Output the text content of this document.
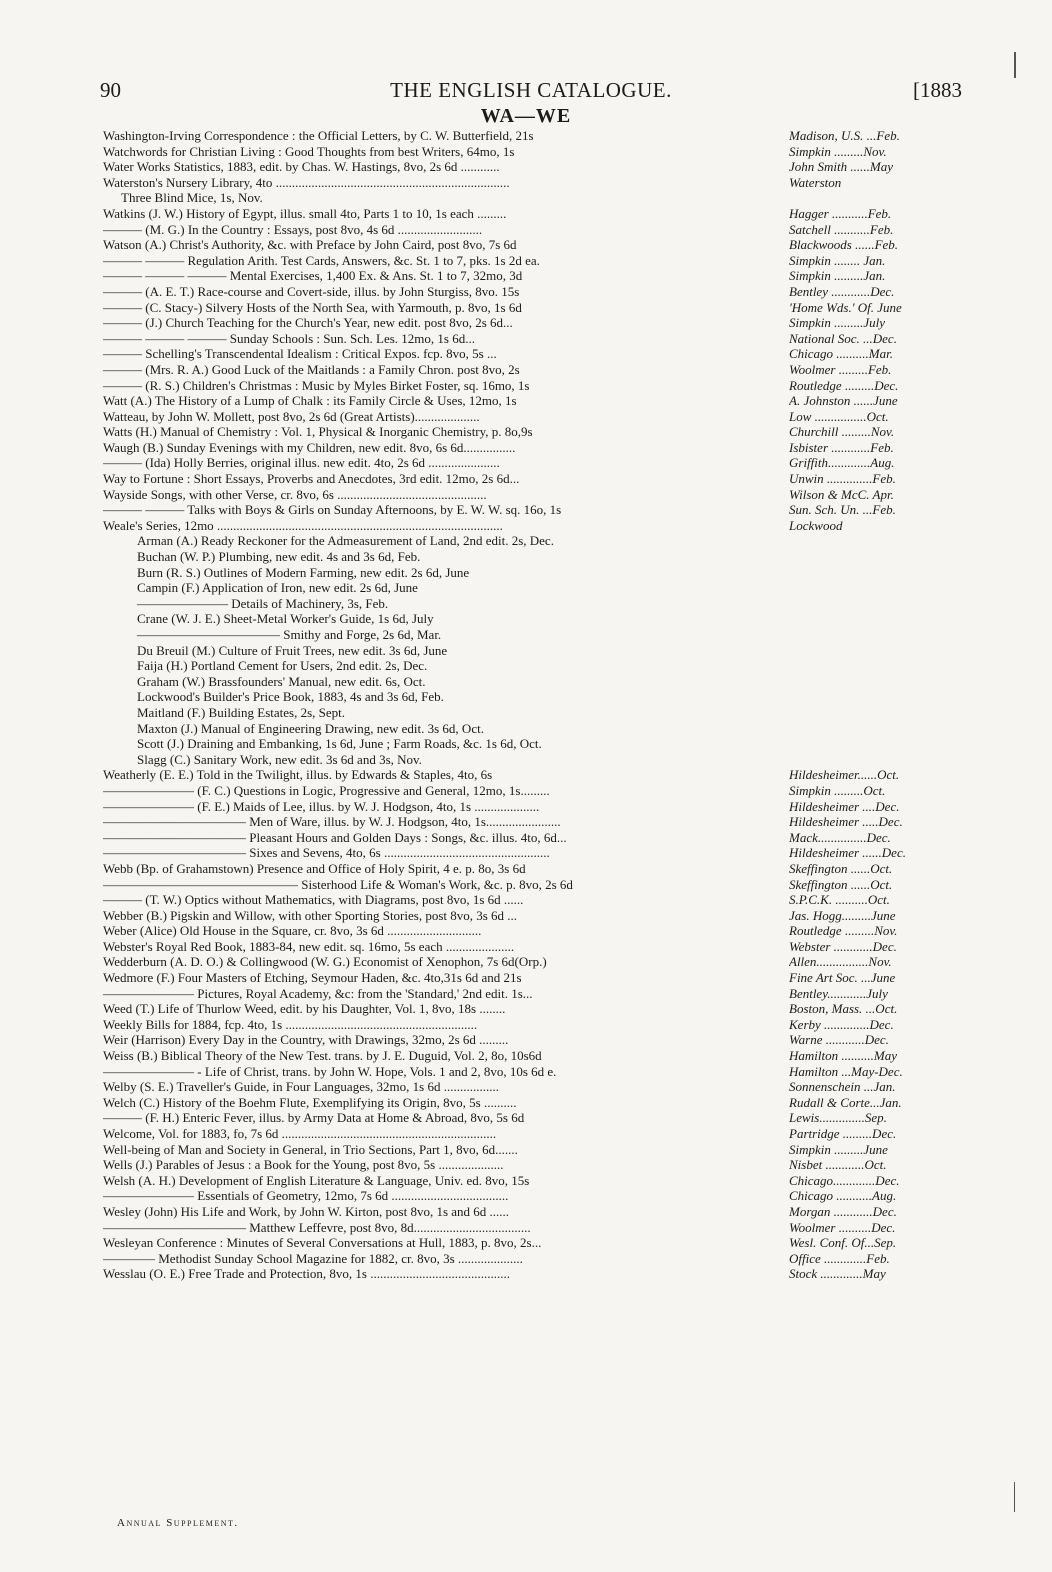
90	THE ENGLISH CATALOGUE.	[1883
WA—WE
Washington-Irving Correspondence : the Official Letters, by C. W. Butterfield, 21s	Madison, U.S. ...Feb.
Watchwords for Christian Living : Good Thoughts from best Writers, 64mo, 1s	Simpkin .........Nov.
Water Works Statistics, 1883, edit. by Chas. W. Hastings, 8vo, 2s 6d ............	John Smith ......May
Waterston's Nursery Library, 4to ........................................................................	Waterston
Three Blind Mice, 1s, Nov.
Watkins (J. W.) History of Egypt, illus. small 4to, Parts 1 to 10, 1s each .........	Hagger ...........Feb.
——— (M. G.) In the Country : Essays, post 8vo, 4s 6d ..........................	Satchell ...........Feb.
Watson (A.) Christ's Authority, &c. with Preface by John Caird, post 8vo, 7s 6d	Blackwoods ......Feb.
——— ——— Regulation Arith. Test Cards, Answers, &c. St. 1 to 7, pks. 1s 2d ea.	Simpkin ........ Jan.
——— ——— ——— Mental Exercises, 1,400 Ex. & Ans. St. 1 to 7, 32mo, 3d	Simpkin .........Jan.
——— (A. E. T.) Race-course and Covert-side, illus. by John Sturgiss, 8vo. 15s	Bentley ............Dec.
——— (C. Stacy-) Silvery Hosts of the North Sea, with Yarmouth, p. 8vo, 1s 6d	'Home Wds.' Of. June
——— (J.) Church Teaching for the Church's Year, new edit. post 8vo, 2s 6d...	Simpkin .........July
——— ——— ——— Sunday Schools : Sun. Sch. Les. 12mo, 1s 6d...	National Soc. ...Dec.
——— Schelling's Transcendental Idealism : Critical Expos. fcp. 8vo, 5s ...	Chicago ..........Mar.
——— (Mrs. R. A.) Good Luck of the Maitlands : a Family Chron. post 8vo, 2s	Woolmer .........Feb.
——— (R. S.) Children's Christmas : Music by Myles Birket Foster, sq. 16mo, 1s	Routledge .........Dec.
Watt (A.) The History of a Lump of Chalk : its Family Circle & Uses, 12mo, 1s	A. Johnston ......June
Watteau, by John W. Mollett, post 8vo, 2s 6d (Great Artists)....................	Low ................Oct.
Watts (H.) Manual of Chemistry : Vol. 1, Physical & Inorganic Chemistry, p. 8o,9s	Churchill .........Nov.
Waugh (B.) Sunday Evenings with my Children, new edit. 8vo, 6s 6d................	Isbister ............Feb.
——— (Ida) Holly Berries, original illus. new edit. 4to, 2s 6d ......................	Griffith.............Aug.
Way to Fortune : Short Essays, Proverbs and Anecdotes, 3rd edit. 12mo, 2s 6d...	Unwin ..............Feb.
Wayside Songs, with other Verse, cr. 8vo, 6s ..............................................	Wilson & McC. Apr.
——— ——— Talks with Boys & Girls on Sunday Afternoons, by E. W. W. sq. 16o, 1s	Sun. Sch. Un. ...Feb.
Weale's Series, 12mo ........................................................................................	Lockwood
Arman (A.) Ready Reckoner for the Admeasurement of Land, 2nd edit. 2s, Dec.
Buchan (W. P.) Plumbing, new edit. 4s and 3s 6d, Feb.
Burn (R. S.) Outlines of Modern Farming, new edit. 2s 6d, June
Campin (F.) Application of Iron, new edit. 2s 6d, June
——————— Details of Machinery, 3s, Feb.
Crane (W. J. E.) Sheet-Metal Worker's Guide, 1s 6d, July
——————————— Smithy and Forge, 2s 6d, Mar.
Du Breuil (M.) Culture of Fruit Trees, new edit. 3s 6d, June
Faija (H.) Portland Cement for Users, 2nd edit. 2s, Dec.
Graham (W.) Brassfounders' Manual, new edit. 6s, Oct.
Lockwood's Builder's Price Book, 1883, 4s and 3s 6d, Feb.
Maitland (F.) Building Estates, 2s, Sept.
Maxton (J.) Manual of Engineering Drawing, new edit. 3s 6d, Oct.
Scott (J.) Draining and Embanking, 1s 6d, June ; Farm Roads, &c. 1s 6d, Oct.
Slagg (C.) Sanitary Work, new edit. 3s 6d and 3s, Nov.
Weatherly (E. E.) Told in the Twilight, illus. by Edwards & Staples, 4to, 6s	Hildesheimer......Oct.
——————— (F. C.) Questions in Logic, Progressive and General, 12mo, 1s.........	Simpkin .........Oct.
——————— (F. E.) Maids of Lee, illus. by W. J. Hodgson, 4to, 1s ....................	Hildesheimer ....Dec.
——————————— Men of Ware, illus. by W. J. Hodgson, 4to, 1s.......................	Hildesheimer .....Dec.
——————————— Pleasant Hours and Golden Days : Songs, &c. illus. 4to, 6d...	Mack...............Dec.
——————————— Sixes and Sevens, 4to, 6s ...................................................	Hildesheimer ......Dec.
Webb (Bp. of Grahamstown) Presence and Office of Holy Spirit, 4 e. p. 8o, 3s 6d	Skeffington ......Oct.
——————————————— Sisterhood Life & Woman's Work, &c. p. 8vo, 2s 6d	Skeffington ......Oct.
——— (T. W.) Optics without Mathematics, with Diagrams, post 8vo, 1s 6d ......	S.P.C.K. ..........Oct.
Webber (B.) Pigskin and Willow, with other Sporting Stories, post 8vo, 3s 6d ...	Jas. Hogg.........June
Weber (Alice) Old House in the Square, cr. 8vo, 3s 6d .............................	Routledge .........Nov.
Webster's Royal Red Book, 1883-84, new edit. sq. 16mo, 5s each .....................	Webster ............Dec.
Wedderburn (A. D. O.) & Collingwood (W. G.) Economist of Xenophon, 7s 6d(Orp.)	Allen................Nov.
Wedmore (F.) Four Masters of Etching, Seymour Haden, &c. 4to,31s 6d and 21s	Fine Art Soc. ...June
——————— Pictures, Royal Academy, &c: from the 'Standard,' 2nd edit. 1s...	Bentley............July
Weed (T.) Life of Thurlow Weed, edit. by his Daughter, Vol. 1, 8vo, 18s ........	Boston, Mass. ...Oct.
Weekly Bills for 1884, fcp. 4to, 1s ...........................................................	Kerby ..............Dec.
Weir (Harrison) Every Day in the Country, with Drawings, 32mo, 2s 6d .........	Warne ............Dec.
Weiss (B.) Biblical Theory of the New Test. trans. by J. E. Duguid, Vol. 2, 8o, 10s6d	Hamilton ..........May
——————— - Life of Christ, trans. by John W. Hope, Vols. 1 and 2, 8vo, 10s 6d e.	Hamilton ...May-Dec.
Welby (S. E.) Traveller's Guide, in Four Languages, 32mo, 1s 6d .................	Sonnenschein ...Jan.
Welch (C.) History of the Boehm Flute, Exemplifying its Origin, 8vo, 5s ..........	Rudall & Corte...Jan.
——— (F. H.) Enteric Fever, illus. by Army Data at Home & Abroad, 8vo, 5s 6d	Lewis..............Sep.
Welcome, Vol. for 1883, fo, 7s 6d ..................................................................	Partridge .........Dec.
Well-being of Man and Society in General, in Trio Sections, Part 1, 8vo, 6d.......	Simpkin .........June
Wells (J.) Parables of Jesus : a Book for the Young, post 8vo, 5s ....................	Nisbet ............Oct.
Welsh (A. H.) Development of English Literature & Language, Univ. ed. 8vo, 15s	Chicago.............Dec.
——————— Essentials of Geometry, 12mo, 7s 6d ....................................	Chicago ...........Aug.
Wesley (John) His Life and Work, by John W. Kirton, post 8vo, 1s and 6d ......	Morgan ............Dec.
——————————— Matthew Leffevre, post 8vo, 8d....................................	Woolmer ..........Dec.
Wesleyan Conference : Minutes of Several Conversations at Hull, 1883, p. 8vo, 2s...	Wesl. Conf. Of...Sep.
———— Methodist Sunday School Magazine for 1882, cr. 8vo, 3s ....................	Office .............Feb.
Wesslau (O. E.) Free Trade and Protection, 8vo, 1s ...........................................	Stock .............May
Annual Supplement.
